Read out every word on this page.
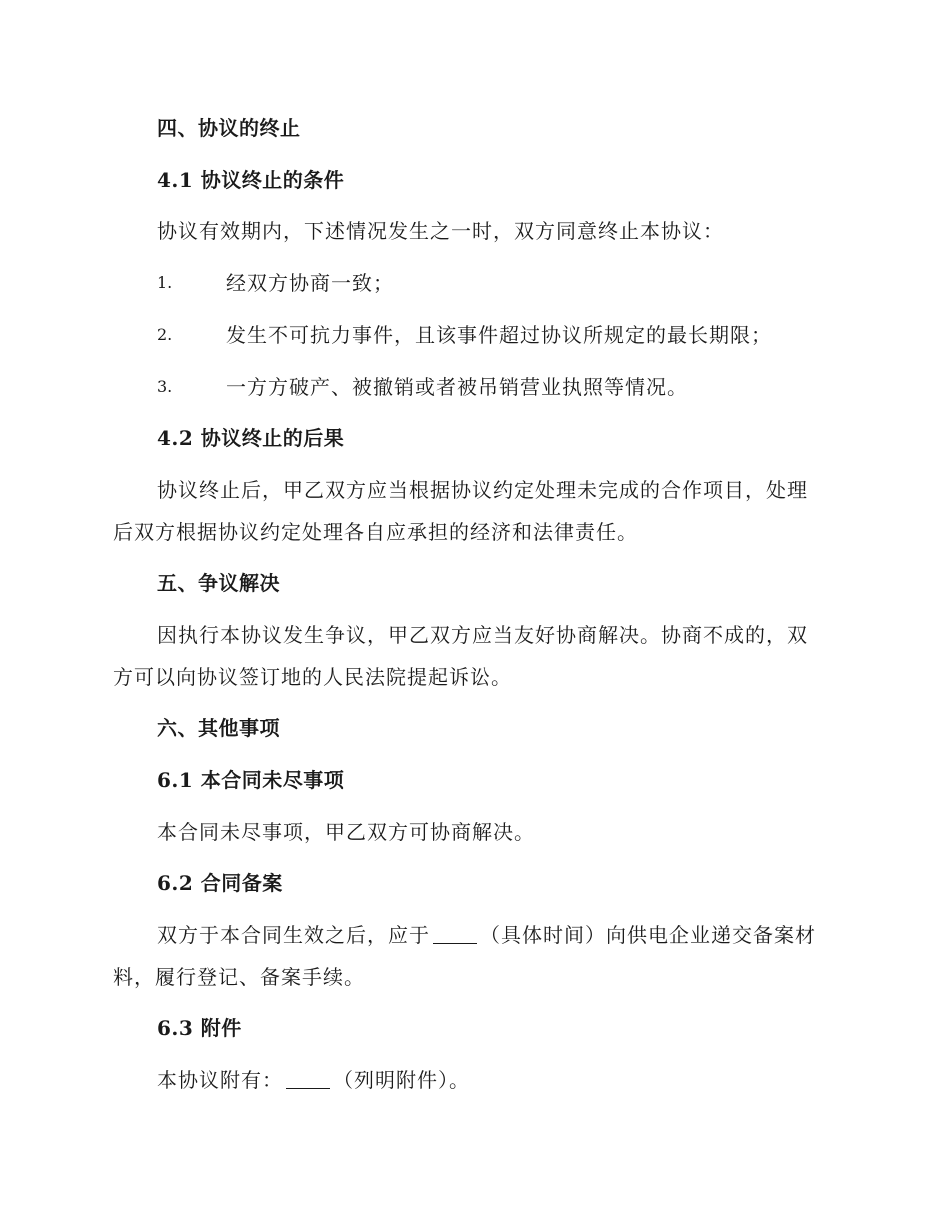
四、协议的终止
4.1 协议终止的条件
协议有效期内，下述情况发生之一时，双方同意终止本协议：
1.	经双方协商一致；
2.	发生不可抗力事件，且该事件超过协议所规定的最长期限；
3.	一方方破产、被撤销或者被吊销营业执照等情况。
4.2 协议终止的后果
协议终止后，甲乙双方应当根据协议约定处理未完成的合作项目，处理
后双方根据协议约定处理各自应承担的经济和法律责任。
五、争议解决
因执行本协议发生争议，甲乙双方应当友好协商解决。协商不成的，双
方可以向协议签订地的人民法院提起诉讼。
六、其他事项
6.1 本合同未尽事项
本合同未尽事项，甲乙双方可协商解决。
6.2 合同备案
双方于本合同生效之后，应于	（具体时间）向供电企业递交备案材
料，履行登记、备案手续。
6.3 附件
本协议附有：	（列明附件）。
